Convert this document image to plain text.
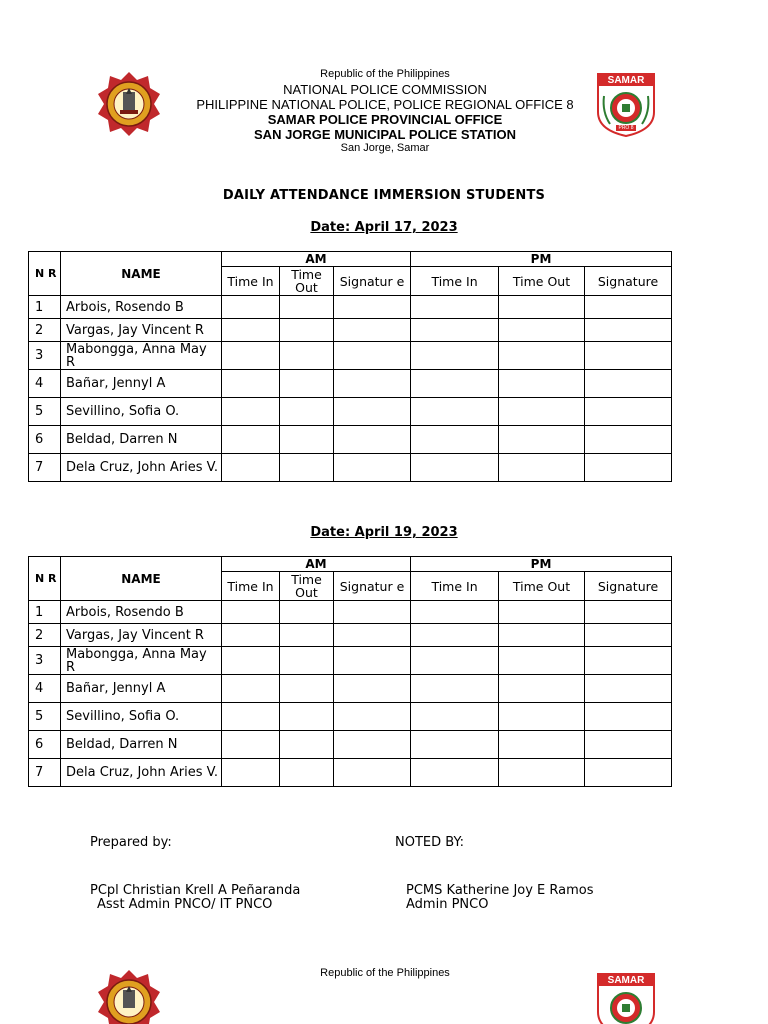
SAMAR
PRO 8
Republic of the Philippines
NATIONAL POLICE COMMISSION
PHILIPPINE NATIONAL POLICE, POLICE REGIONAL OFFICE 8
SAMAR POLICE PROVINCIAL OFFICE
SAN JORGE MUNICIPAL POLICE STATION
San Jorge, Samar
DAILY ATTENDANCE IMMERSION STUDENTS
Date: April 17, 2023
N R	NAME	AM			PM		
		Time In	Time Out	Signatur e	Time In	Time Out	Signature
1	Arbois, Rosendo B						
2	Vargas, Jay Vincent R						
3	Mabongga, Anna May R						
4	Bañar, Jennyl A						
5	Sevillino, Sofia O.						
6	Beldad, Darren N						
7	Dela Cruz, John Aries V.						
Date: April 19, 2023
N R	NAME	AM			PM		
		Time In	Time Out	Signatur e	Time In	Time Out	Signature
1	Arbois, Rosendo B						
2	Vargas, Jay Vincent R						
3	Mabongga, Anna May R						
4	Bañar, Jennyl A						
5	Sevillino, Sofia O.						
6	Beldad, Darren N						
7	Dela Cruz, John Aries V.						
Prepared by:	NOTED BY:
PCpl Christian Krell A Peñaranda
Asst Admin PNCO/ IT PNCO
PCMS Katherine Joy E Ramos
Admin PNCO
SAMAR
Republic of the Philippines
